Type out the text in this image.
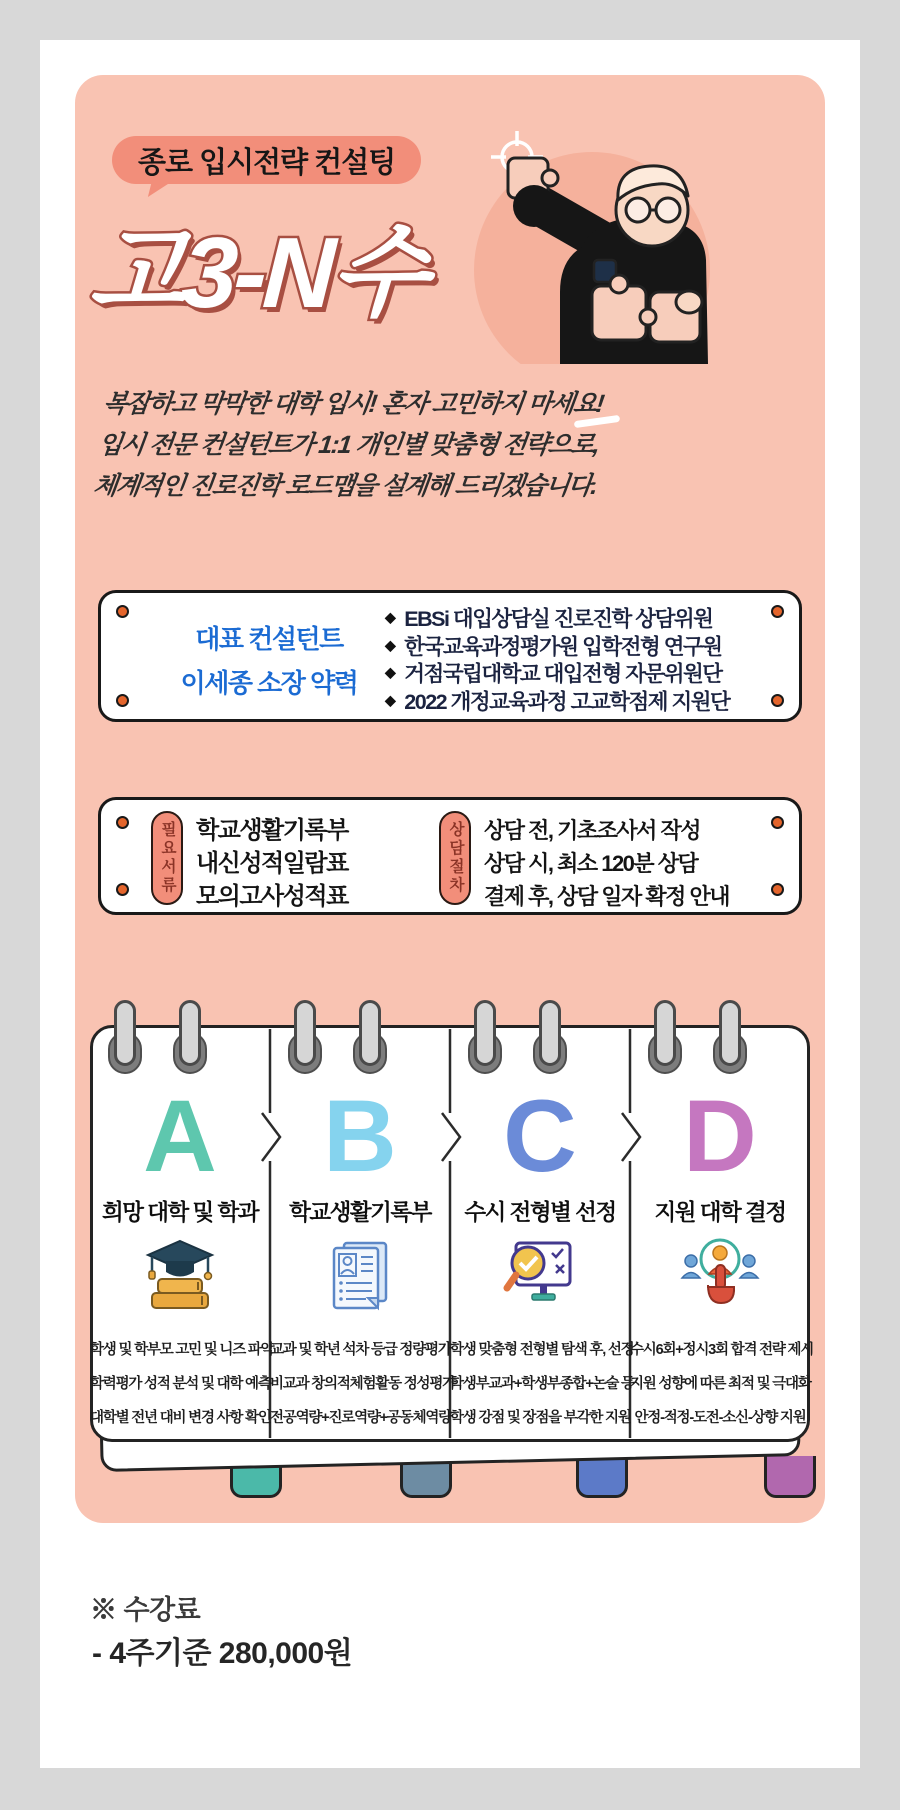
종로 입시전략 컨설팅
고3-N수
복잡하고 막막한 대학 입시! 혼자 고민하지 마세요!
입시 전문 컨설턴트가 1:1 개인별 맞춤형 전략으로,
체계적인 진로진학 로드맵을 설계해 드리겠습니다.
대표 컨설턴트
이세종 소장 약력
◆ EBSi 대입상담실 진로진학 상담위원
◆ 한국교육과정평가원 입학전형 연구원
◆ 거점국립대학교 대입전형 자문위원단
◆ 2022 개정교육과정 고교학점제 지원단
필요서류 학교생활기록부
내신성적일람표
모의고사성적표
상담절차 상담 전, 기초조사서 작성
상담 시, 최소 120분 상담
결제 후, 상담 일자 확정 안내
A
희망 대학 및 학과
학생 및 학부모 고민 및 니즈 파악
학력평가 성적 분석 및 대학 예측
대학별 전년 대비 변경 사항 확인
B
학교생활기록부
교과 및 학년 석차 등급 정량평가
비교과 창의적체험활동 정성평가
전공역량+진로역량+공동체역량
C
수시 전형별 선정
학생 맞춤형 전형별 탐색 후, 선정
학생부교과+학생부종합+논술 등
학생 강점 및 장점을 부각한 지원
D
지원 대학 결정
수시6회+정시3회 합격 전략 제시
지원 성향에 따른 최적 및 극대화
안정-적정-도전-소신-상향 지원
※ 수강료
- 4주기준 280,000원
